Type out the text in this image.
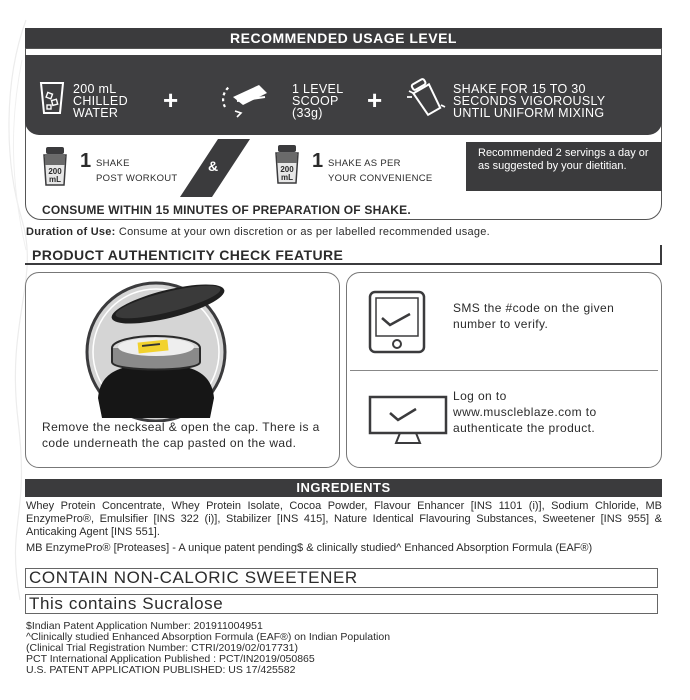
RECOMMENDED USAGE LEVEL
200 mL
CHILLED
WATER	+	1 LEVEL
SCOOP
(33g)	+	SHAKE FOR 15 TO 30
SECONDS VIGOROUSLY
UNTIL UNIFORM MIXING
200
mL
1 SHAKE
POST WORKOUT
&	200
mL
1 SHAKE AS PER
YOUR CONVENIENCE
Recommended 2 servings a day or as suggested by your dietitian.
CONSUME WITHIN 15 MINUTES OF PREPARATION OF SHAKE.
Duration of Use: Consume at your own discretion or as per labelled recommended usage.
PRODUCT AUTHENTICITY CHECK FEATURE
Remove the neckseal & open the cap. There is a code underneath the cap pasted on the wad.
SMS the #code on the given number to verify.
Log on to www.muscleblaze.com to authenticate the product.
INGREDIENTS
Whey Protein Concentrate, Whey Protein Isolate, Cocoa Powder, Flavour Enhancer [INS 1101 (i)], Sodium Chloride, MB EnzymePro®, Emulsifier [INS 322 (i)], Stabilizer [INS 415], Nature Identical Flavouring Substances, Sweetener [INS 955] & Anticaking Agent [INS 551].
MB EnzymePro® [Proteases] - A unique patent pending$ & clinically studied^ Enhanced Absorption Formula (EAF®)
CONTAIN NON-CALORIC SWEETENER
This contains Sucralose
$Indian Patent Application Number: 201911004951
^Clinically studied Enhanced Absorption Formula (EAF®) on Indian Population
(Clinical Trial Registration Number: CTRI/2019/02/017731)
PCT International Application Published : PCT/IN2019/050865
U.S. PATENT APPLICATION PUBLISHED: US 17/425582
